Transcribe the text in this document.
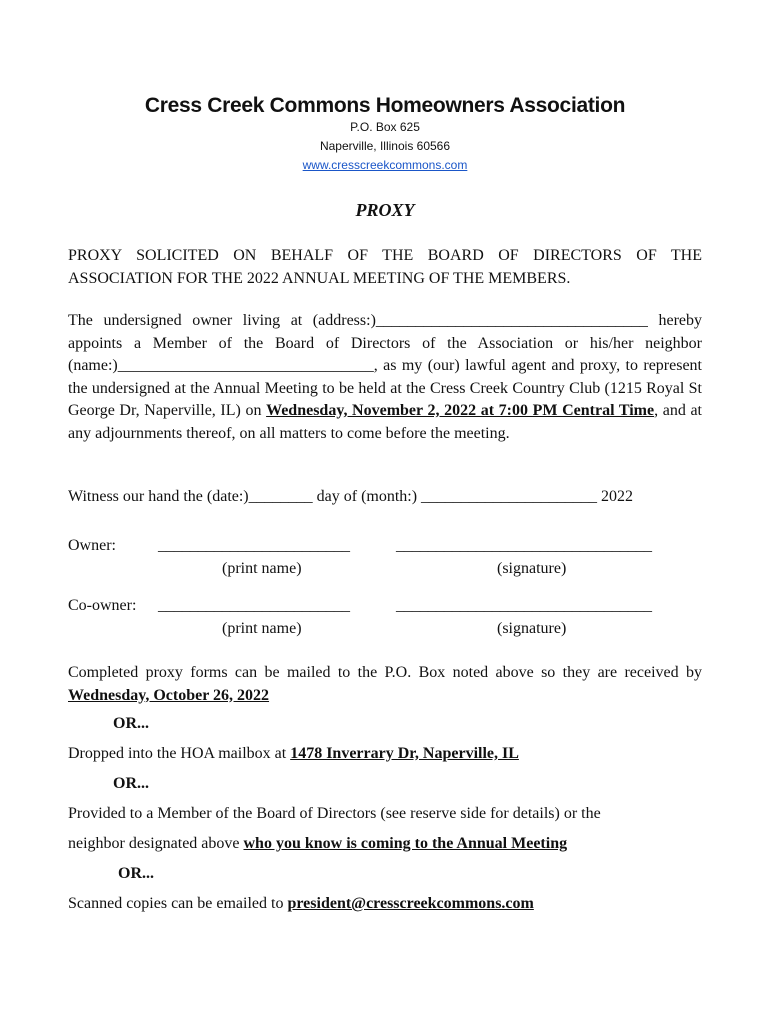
Cress Creek Commons Homeowners Association
P.O. Box 625
Naperville, Illinois 60566
www.cresscreekcommons.com
PROXY
PROXY SOLICITED ON BEHALF OF THE BOARD OF DIRECTORS OF THE ASSOCIATION FOR THE 2022 ANNUAL MEETING OF THE MEMBERS.
The undersigned owner living at (address:)__________________________________ hereby appoints a Member of the Board of Directors of the Association or his/her neighbor (name:)________________________________, as my (our) lawful agent and proxy, to represent the undersigned at the Annual Meeting to be held at the Cress Creek Country Club (1215 Royal St George Dr, Naperville, IL) on Wednesday, November 2, 2022 at 7:00 PM Central Time, and at any adjournments thereof, on all matters to come before the meeting.
Witness our hand the (date:)________ day of (month:) ______________________ 2022
Owner:	________________________	________________________________
(print name)	(signature)
Co-owner: ________________________	________________________________
(print name)	(signature)
Completed proxy forms can be mailed to the P.O. Box noted above so they are received by Wednesday, October 26, 2022
OR...
Dropped into the HOA mailbox at 1478 Inverrary Dr, Naperville, IL
OR...
Provided to a Member of the Board of Directors (see reserve side for details) or the
neighbor designated above who you know is coming to the Annual Meeting
OR...
Scanned copies can be emailed to president@cresscreekcommons.com
